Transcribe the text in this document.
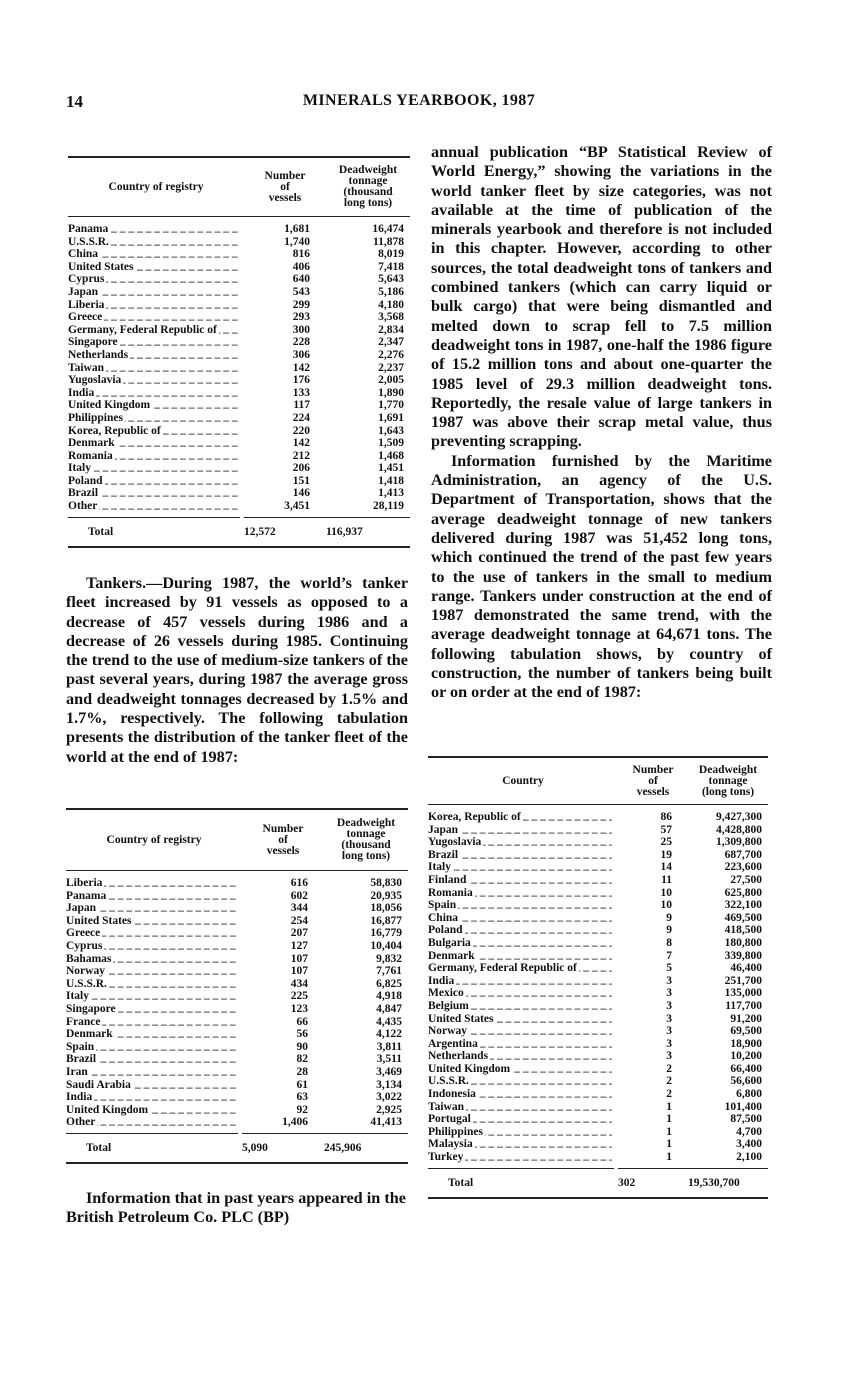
14	MINERALS YEARBOOK, 1987
Country of registry
Number
of
vessels
Deadweight
tonnage
(thousand
long tons)
Panama _ _ _	1,681	16,474
U.S.S.R. _ _ _	1,740	11,878
China _ _ _	816	8,019
United States _ _ _	406	7,418
Cyprus _ _ _	640	5,643
Japan _ _ _	543	5,186
Liberia _ _ _	299	4,180
Greece _ _ _	293	3,568
Germany, Federal Republic of _ _ _	300	2,834
Singapore _ _ _	228	2,347
Netherlands _ _ _	306	2,276
Taiwan _ _ _	142	2,237
Yugoslavia _ _ _	176	2,005
India _ _ _	133	1,890
United Kingdom _ _ _	117	1,770
Philippines _ _ _	224	1,691
Korea, Republic of _ _ _	220	1,643
Denmark _ _ _	142	1,509
Romania _ _ _	212	1,468
Italy _ _ _	206	1,451
Poland _ _ _	151	1,418
Brazil _ _ _	146	1,413
Other _ _ _	3,451	28,119
Total	12,572	116,937

Tankers.—During 1987, the world’s tanker fleet increased by 91 vessels as opposed to a decrease of 457 vessels during 1986 and a decrease of 26 vessels during 1985. Continuing the trend to the use of medium-size tankers of the past several years, during 1987 the average gross and deadweight tonnages decreased by 1.5% and 1.7%, respectively. The following tabulation presents the distribution of the tanker fleet of the world at the end of 1987:

Country of registry
Number
of
vessels
Deadweight
tonnage
(thousand
long tons)
Liberia _ _ _	616	58,830
Panama _ _ _	602	20,935
Japan _ _ _	344	18,056
United States _ _ _	254	16,877
Greece _ _ _	207	16,779
Cyprus _ _ _	127	10,404
Bahamas _ _ _	107	9,832
Norway _ _ _	107	7,761
U.S.S.R. _ _ _	434	6,825
Italy _ _ _	225	4,918
Singapore _ _ _	123	4,847
France _ _ _	66	4,435
Denmark _ _ _	56	4,122
Spain _ _ _	90	3,811
Brazil _ _ _	82	3,511
Iran _ _ _	28	3,469
Saudi Arabia _ _ _	61	3,134
India _ _ _	63	3,022
United Kingdom _ _ _	92	2,925
Other _ _ _	1,406	41,413
Total	5,090	245,906

Information that in past years appeared in the British Petroleum Co. PLC (BP)

annual publication “BP Statistical Review of World Energy,” showing the variations in the world tanker fleet by size categories, was not available at the time of publication of the minerals yearbook and therefore is not included in this chapter. However, according to other sources, the total deadweight tons of tankers and combined tankers (which can carry liquid or bulk cargo) that were being dismantled and melted down to scrap fell to 7.5 million deadweight tons in 1987, one-half the 1986 figure of 15.2 million tons and about one-quarter the 1985 level of 29.3 million deadweight tons. Reportedly, the resale value of large tankers in 1987 was above their scrap metal value, thus preventing scrapping.

Information furnished by the Maritime Administration, an agency of the U.S. Department of Transportation, shows that the average deadweight tonnage of new tankers delivered during 1987 was 51,452 long tons, which continued the trend of the past few years to the use of tankers in the small to medium range. Tankers under construction at the end of 1987 demonstrated the same trend, with the average deadweight tonnage at 64,671 tons. The following tabulation shows, by country of construction, the number of tankers being built or on order at the end of 1987:

Country
Number
of
vessels
Deadweight
tonnage
(long tons)
Korea, Republic of _ _ _	86	9,427,300
Japan _ _ _	57	4,428,800
Yugoslavia _ _ _	25	1,309,800
Brazil _ _ _	19	687,700
Italy _ _ _	14	223,600
Finland _ _ _	11	27,500
Romania _ _ _	10	625,800
Spain _ _ _	10	322,100
China _ _ _	9	469,500
Poland _ _ _	9	418,500
Bulgaria _ _ _	8	180,800
Denmark _ _ _	7	339,800
Germany, Federal Republic of _ _ _	5	46,400
India _ _ _	3	251,700
Mexico _ _ _	3	135,000
Belgium _ _ _	3	117,700
United States _ _ _	3	91,200
Norway _ _ _	3	69,500
Argentina _ _ _	3	18,900
Netherlands _ _ _	3	10,200
United Kingdom _ _ _	2	66,400
U.S.S.R. _ _ _	2	56,600
Indonesia _ _ _	2	6,800
Taiwan _ _ _	1	101,400
Portugal _ _ _	1	87,500
Philippines _ _ _	1	4,700
Malaysia _ _ _	1	3,400
Turkey _ _ _	1	2,100
Total	302	19,530,700
